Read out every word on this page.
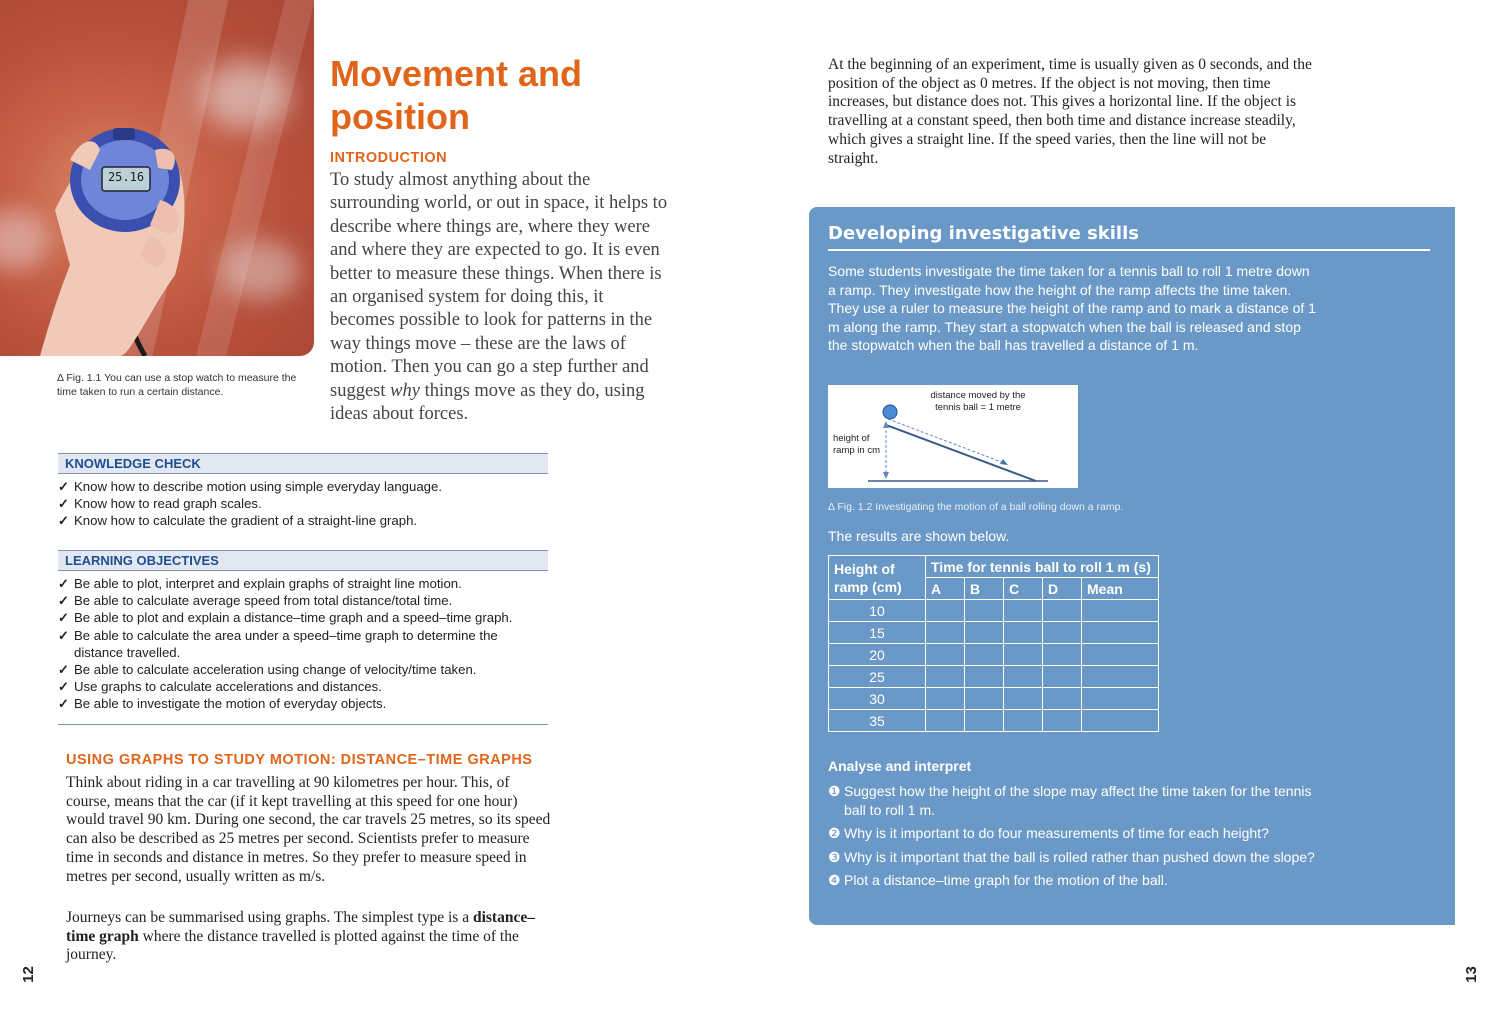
25.16
Δ Fig. 1.1 You can use a stop watch to measure the time taken to run a certain distance.
Movement and
position
INTRODUCTION

To study almost anything about the surrounding world, or out in space, it helps to describe where things are, where they were and where they are expected to go. It is even better to measure these things. When there is an organised system for doing this, it becomes possible to look for patterns in the way things move – these are the laws of motion. Then you can go a step further and suggest why things move as they do, using ideas about forces.

KNOWLEDGE CHECK
✓ Know how to describe motion using simple everyday language.
✓ Know how to read graph scales.
✓ Know how to calculate the gradient of a straight-line graph.
LEARNING OBJECTIVES
✓ Be able to plot, interpret and explain graphs of straight line motion.
✓ Be able to calculate average speed from total distance/total time.
✓ Be able to plot and explain a distance–time graph and a speed–time graph.
✓ Be able to calculate the area under a speed–time graph to determine the distance travelled.
✓ Be able to calculate acceleration using change of velocity/time taken.
✓ Use graphs to calculate accelerations and distances.
✓ Be able to investigate the motion of everyday objects.
USING GRAPHS TO STUDY MOTION: DISTANCE–TIME GRAPHS

Think about riding in a car travelling at 90 kilometres per hour. This, of course, means that the car (if it kept travelling at this speed for one hour) would travel 90 km. During one second, the car travels 25 metres, so its speed can also be described as 25 metres per second. Scientists prefer to measure time in seconds and distance in metres. So they prefer to measure speed in metres per second, usually written as m/s.

Journeys can be summarised using graphs. The simplest type is a distance–time graph where the distance travelled is plotted against the time of the journey.

12

At the beginning of an experiment, time is usually given as 0 seconds, and the position of the object as 0 metres. If the object is not moving, then time increases, but distance does not. This gives a horizontal line. If the object is travelling at a constant speed, then both time and distance increase steadily, which gives a straight line. If the speed varies, then the line will not be straight.

Developing investigative skills

Some students investigate the time taken for a tennis ball to roll 1 metre down a ramp. They investigate how the height of the ramp affects the time taken. They use a ruler to measure the height of the ramp and to mark a distance of 1 m along the ramp. They start a stopwatch when the ball is released and stop the stopwatch when the ball has travelled a distance of 1 m.

distance moved by the tennis ball = 1 metre
height of ramp in cm
Δ Fig. 1.2 Investigating the motion of a ball rolling down a ramp.
The results are shown below.
Height of ramp (cm)	Time for tennis ball to roll 1 m (s)				
	A	B	C	D	Mean
10					
15					
20					
25					
30					
35					
Analyse and interpret
❶ Suggest how the height of the slope may affect the time taken for the tennis ball to roll 1 m.
❷ Why is it important to do four measurements of time for each height?
❸ Why is it important that the ball is rolled rather than pushed down the slope?
❹ Plot a distance–time graph for the motion of the ball.
13
